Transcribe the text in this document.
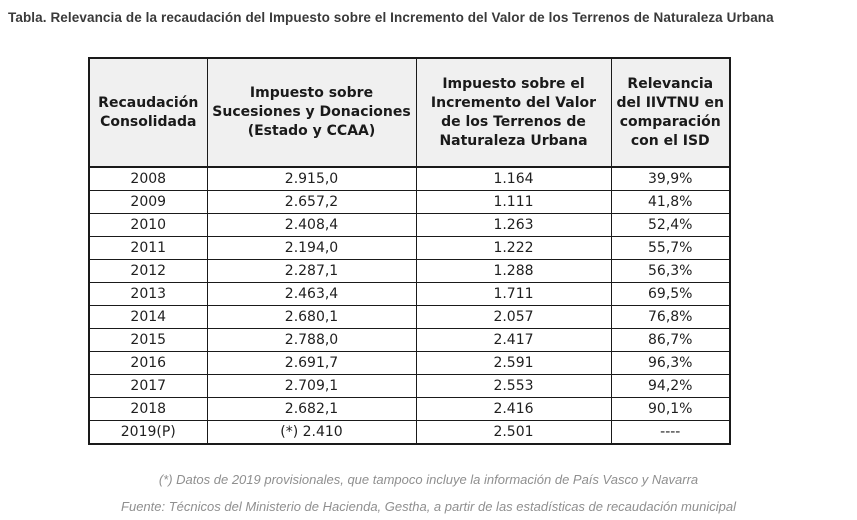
Tabla. Relevancia de la recaudación del Impuesto sobre el Incremento del Valor de los Terrenos de Naturaleza Urbana
Recaudación Consolidada	Impuesto sobre Sucesiones y Donaciones (Estado y CCAA)	Impuesto sobre el Incremento del Valor de los Terrenos de Naturaleza Urbana	Relevancia del IIVTNU en comparación con el ISD
2008	2.915,0	1.164	39,9%
2009	2.657,2	1.111	41,8%
2010	2.408,4	1.263	52,4%
2011	2.194,0	1.222	55,7%
2012	2.287,1	1.288	56,3%
2013	2.463,4	1.711	69,5%
2014	2.680,1	2.057	76,8%
2015	2.788,0	2.417	86,7%
2016	2.691,7	2.591	96,3%
2017	2.709,1	2.553	94,2%
2018	2.682,1	2.416	90,1%
2019(P)	(*) 2.410	2.501	----
(*) Datos de 2019 provisionales, que tampoco incluye la información de País Vasco y Navarra
Fuente: Técnicos del Ministerio de Hacienda, Gestha, a partir de las estadísticas de recaudación municipal
